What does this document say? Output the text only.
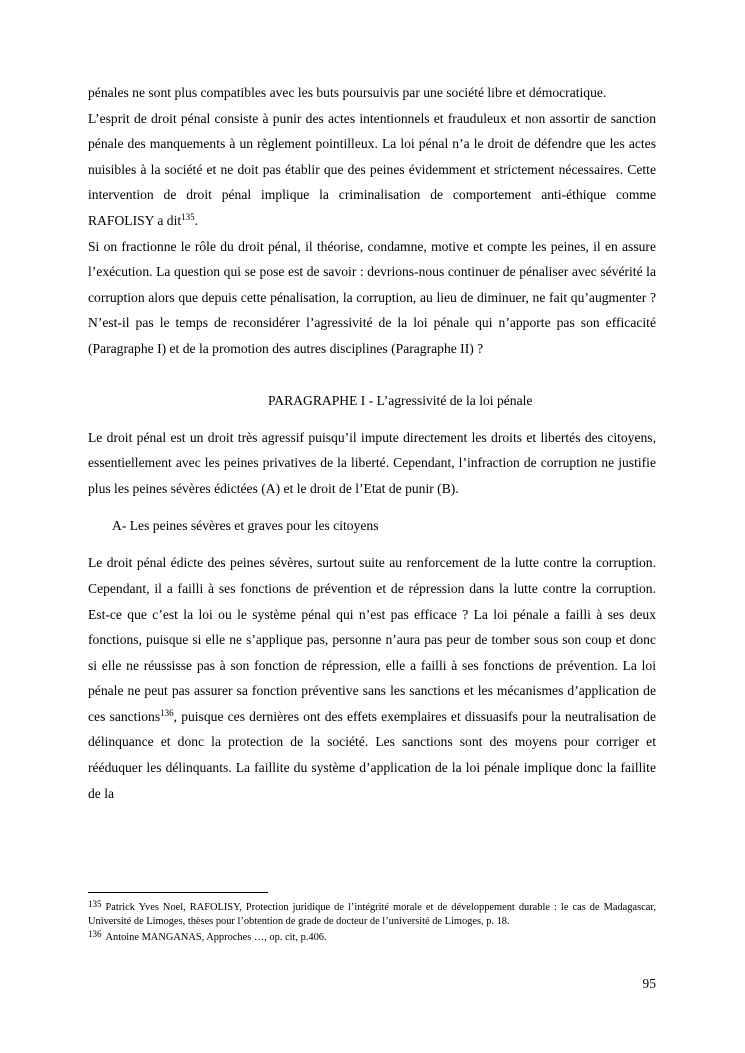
pénales ne sont plus compatibles avec les buts poursuivis par une société libre et démocratique.

L’esprit de droit pénal consiste à punir des actes intentionnels et frauduleux et non assortir de sanction pénale des manquements à un règlement pointilleux. La loi pénal n’a le droit de défendre que les actes nuisibles à la société et ne doit pas établir que des peines évidemment et strictement nécessaires. Cette intervention de droit pénal implique la criminalisation de comportement anti-éthique comme RAFOLISY a dit$^{135}$.

Si on fractionne le rôle du droit pénal, il théorise, condamne, motive et compte les peines, il en assure l’exécution. La question qui se pose est de savoir : devrions-nous continuer de pénaliser avec sévérité la corruption alors que depuis cette pénalisation, la corruption, au lieu de diminuer, ne fait qu’augmenter ? N’est-il pas le temps de reconsidérer l’agressivité de la loi pénale qui n’apporte pas son efficacité (Paragraphe I) et de la promotion des autres disciplines (Paragraphe II) ?

PARAGRAPHE I - L’agressivité de la loi pénale

Le droit pénal est un droit très agressif puisqu’il impute directement les droits et libertés des citoyens, essentiellement avec les peines privatives de la liberté. Cependant, l’infraction de corruption ne justifie plus les peines sévères édictées (A) et le droit de l’Etat de punir (B).

A- Les peines sévères et graves pour les citoyens

Le droit pénal édicte des peines sévères, surtout suite au renforcement de la lutte contre la corruption. Cependant, il a failli à ses fonctions de prévention et de répression dans la lutte contre la corruption. Est-ce que c’est la loi ou le système pénal qui n’est pas efficace ? La loi pénale a failli à ses deux fonctions, puisque si elle ne s’applique pas, personne n’aura pas peur de tomber sous son coup et donc si elle ne réussisse pas à son fonction de répression, elle a failli à ses fonctions de prévention. La loi pénale ne peut pas assurer sa fonction préventive sans les sanctions et les mécanismes d’application de ces sanctions$^{136}$, puisque ces dernières ont des effets exemplaires et dissuasifs pour la neutralisation de délinquance et donc la protection de la société. Les sanctions sont des moyens pour corriger et rééduquer les délinquants. La faillite du système d’application de la loi pénale implique donc la faillite de la

135 Patrick Yves Noel, RAFOLISY, Protection juridique de l’intégrité morale et de développement durable : le cas de Madagascar, Université de Limoges, thèses pour l’obtention de grade de docteur de l’université de Limoges, p. 18.

136 Antoine MANGANAS, Approches …, op. cit, p.406.

95
